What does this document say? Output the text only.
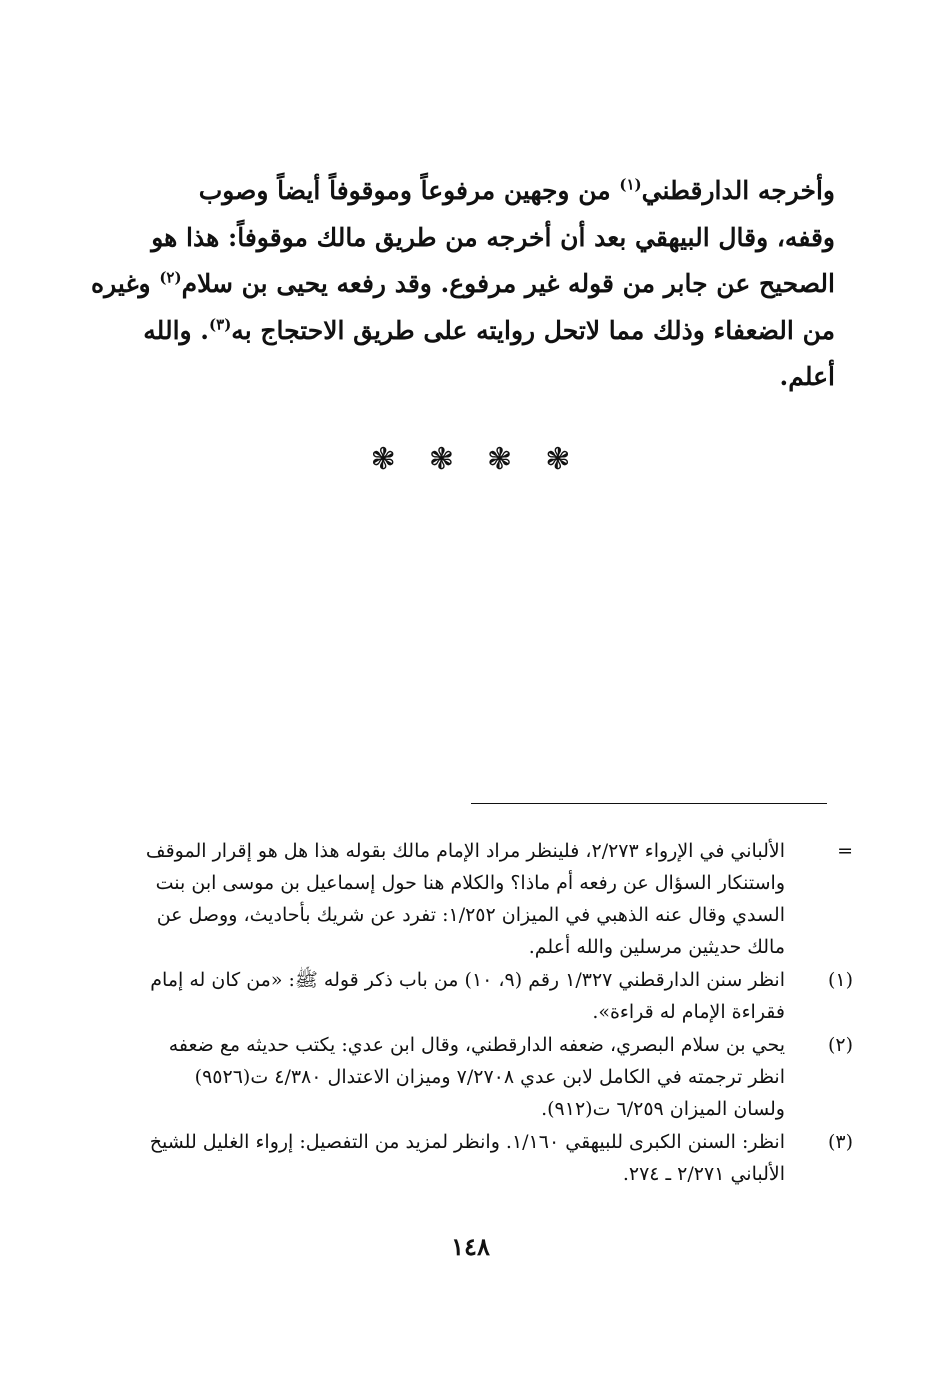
وأخرجه الدارقطني$^{(١)}$ من وجهين مرفوعاً وموقوفاً أيضاً وصوب
وقفه، وقال البيهقي بعد أن أخرجه من طريق مالك موقوفاً: هذا هو
الصحيح عن جابر من قوله غير مرفوع. وقد رفعه يحيى بن سلام$^{(٢)}$ وغيره
من الضعفاء وذلك مما لاتحل روايته على طريق الاحتجاج به$^{(٣)}$. والله
أعلم.
❃ ❃ ❃ ❃
=
الألباني في الإرواء ٢/٢٧٣، فلينظر مراد الإمام مالك بقوله هذا هل هو إقرار الموقف
واستنكار السؤال عن رفعه أم ماذا؟ والكلام هنا حول إسماعيل بن موسى ابن بنت
السدي وقال عنه الذهبي في الميزان ١/٢٥٢: تفرد عن شريك بأحاديث، ووصل عن
مالك حديثين مرسلين والله أعلم.
(١)
انظر سنن الدارقطني ١/٣٢٧ رقم (٩، ١٠) من باب ذكر قوله ﷺ: «من كان له إمام
فقراءة الإمام له قراءة».
(٢)
يحي بن سلام البصري، ضعفه الدارقطني، وقال ابن عدي: يكتب حديثه مع ضعفه
انظر ترجمته في الكامل لابن عدي ٧/٢٧٠٨ وميزان الاعتدال ٤/٣٨٠ ت(٩٥٢٦)
ولسان الميزان ٦/٢٥٩ ت(٩١٢).
(٣)
انظر: السنن الكبرى للبيهقي ١/١٦٠. وانظر لمزيد من التفصيل: إرواء الغليل للشيخ
الألباني ٢/٢٧١ ـ ٢٧٤.
١٤٨
